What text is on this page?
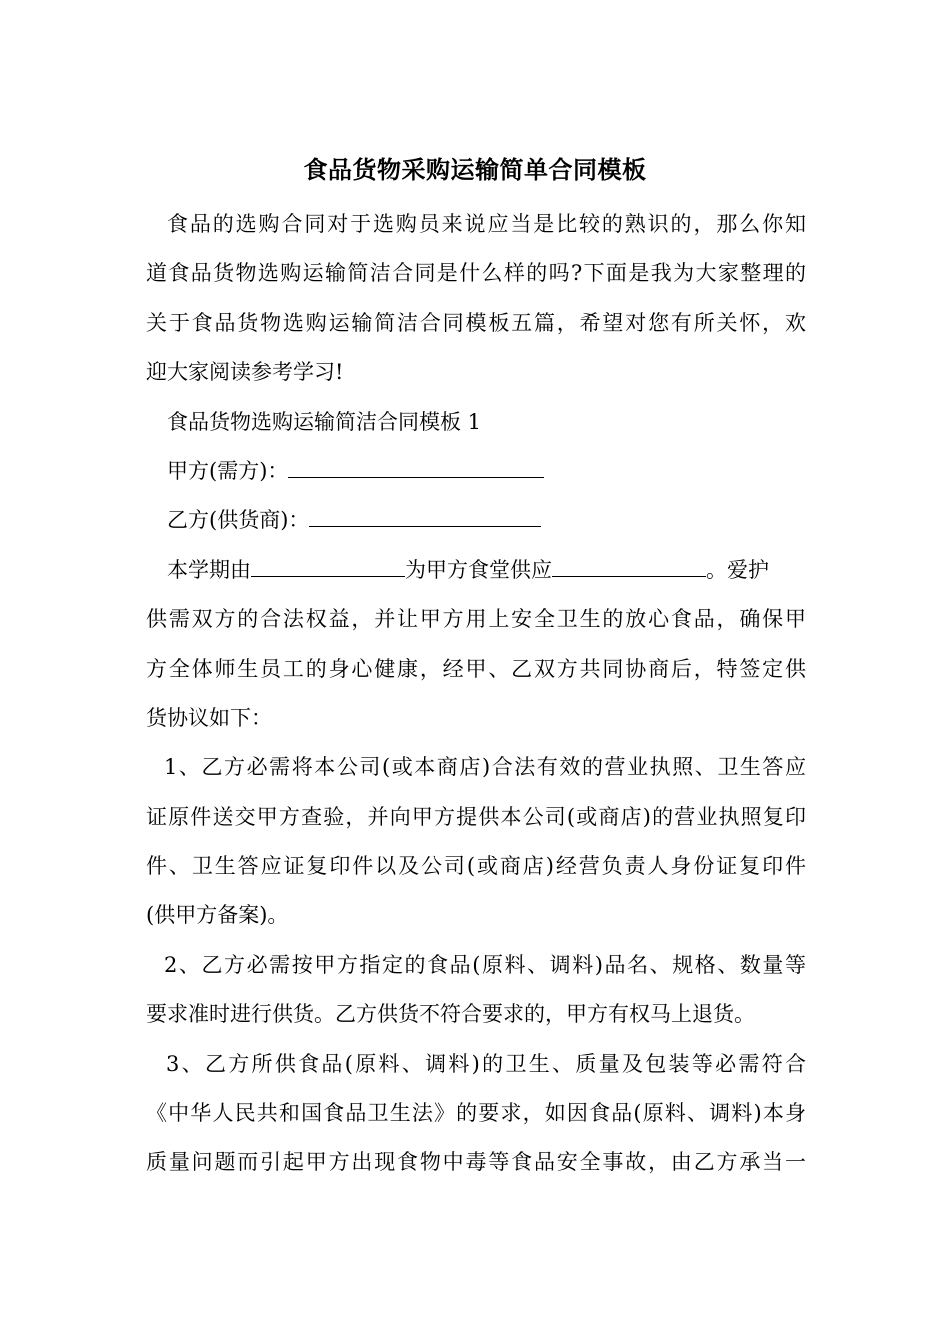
食品货物采购运输简单合同模板
食品的选购合同对于选购员来说应当是比较的熟识的，那么你知
道食品货物选购运输简洁合同是什么样的吗?下面是我为大家整理的
关于食品货物选购运输简洁合同模板五篇，希望对您有所关怀，欢
迎大家阅读参考学习!
食品货物选购运输简洁合同模板 1
甲方(需方)：
乙方(供货商)：
本学期由	为甲方食堂供应	。爱护
供需双方的合法权益，并让甲方用上安全卫生的放心食品，确保甲
方全体师生员工的身心健康，经甲、乙双方共同协商后，特签定供
货协议如下：
1、乙方必需将本公司(或本商店)合法有效的营业执照、卫生答应
证原件送交甲方查验，并向甲方提供本公司(或商店)的营业执照复印
件、卫生答应证复印件以及公司(或商店)经营负责人身份证复印件
(供甲方备案)。
2、乙方必需按甲方指定的食品(原料、调料)品名、规格、数量等
要求准时进行供货。乙方供货不符合要求的，甲方有权马上退货。
3、乙方所供食品(原料、调料)的卫生、质量及包装等必需符合
《中华人民共和国食品卫生法》的要求，如因食品(原料、调料)本身
质量问题而引起甲方出现食物中毒等食品安全事故，由乙方承当一
